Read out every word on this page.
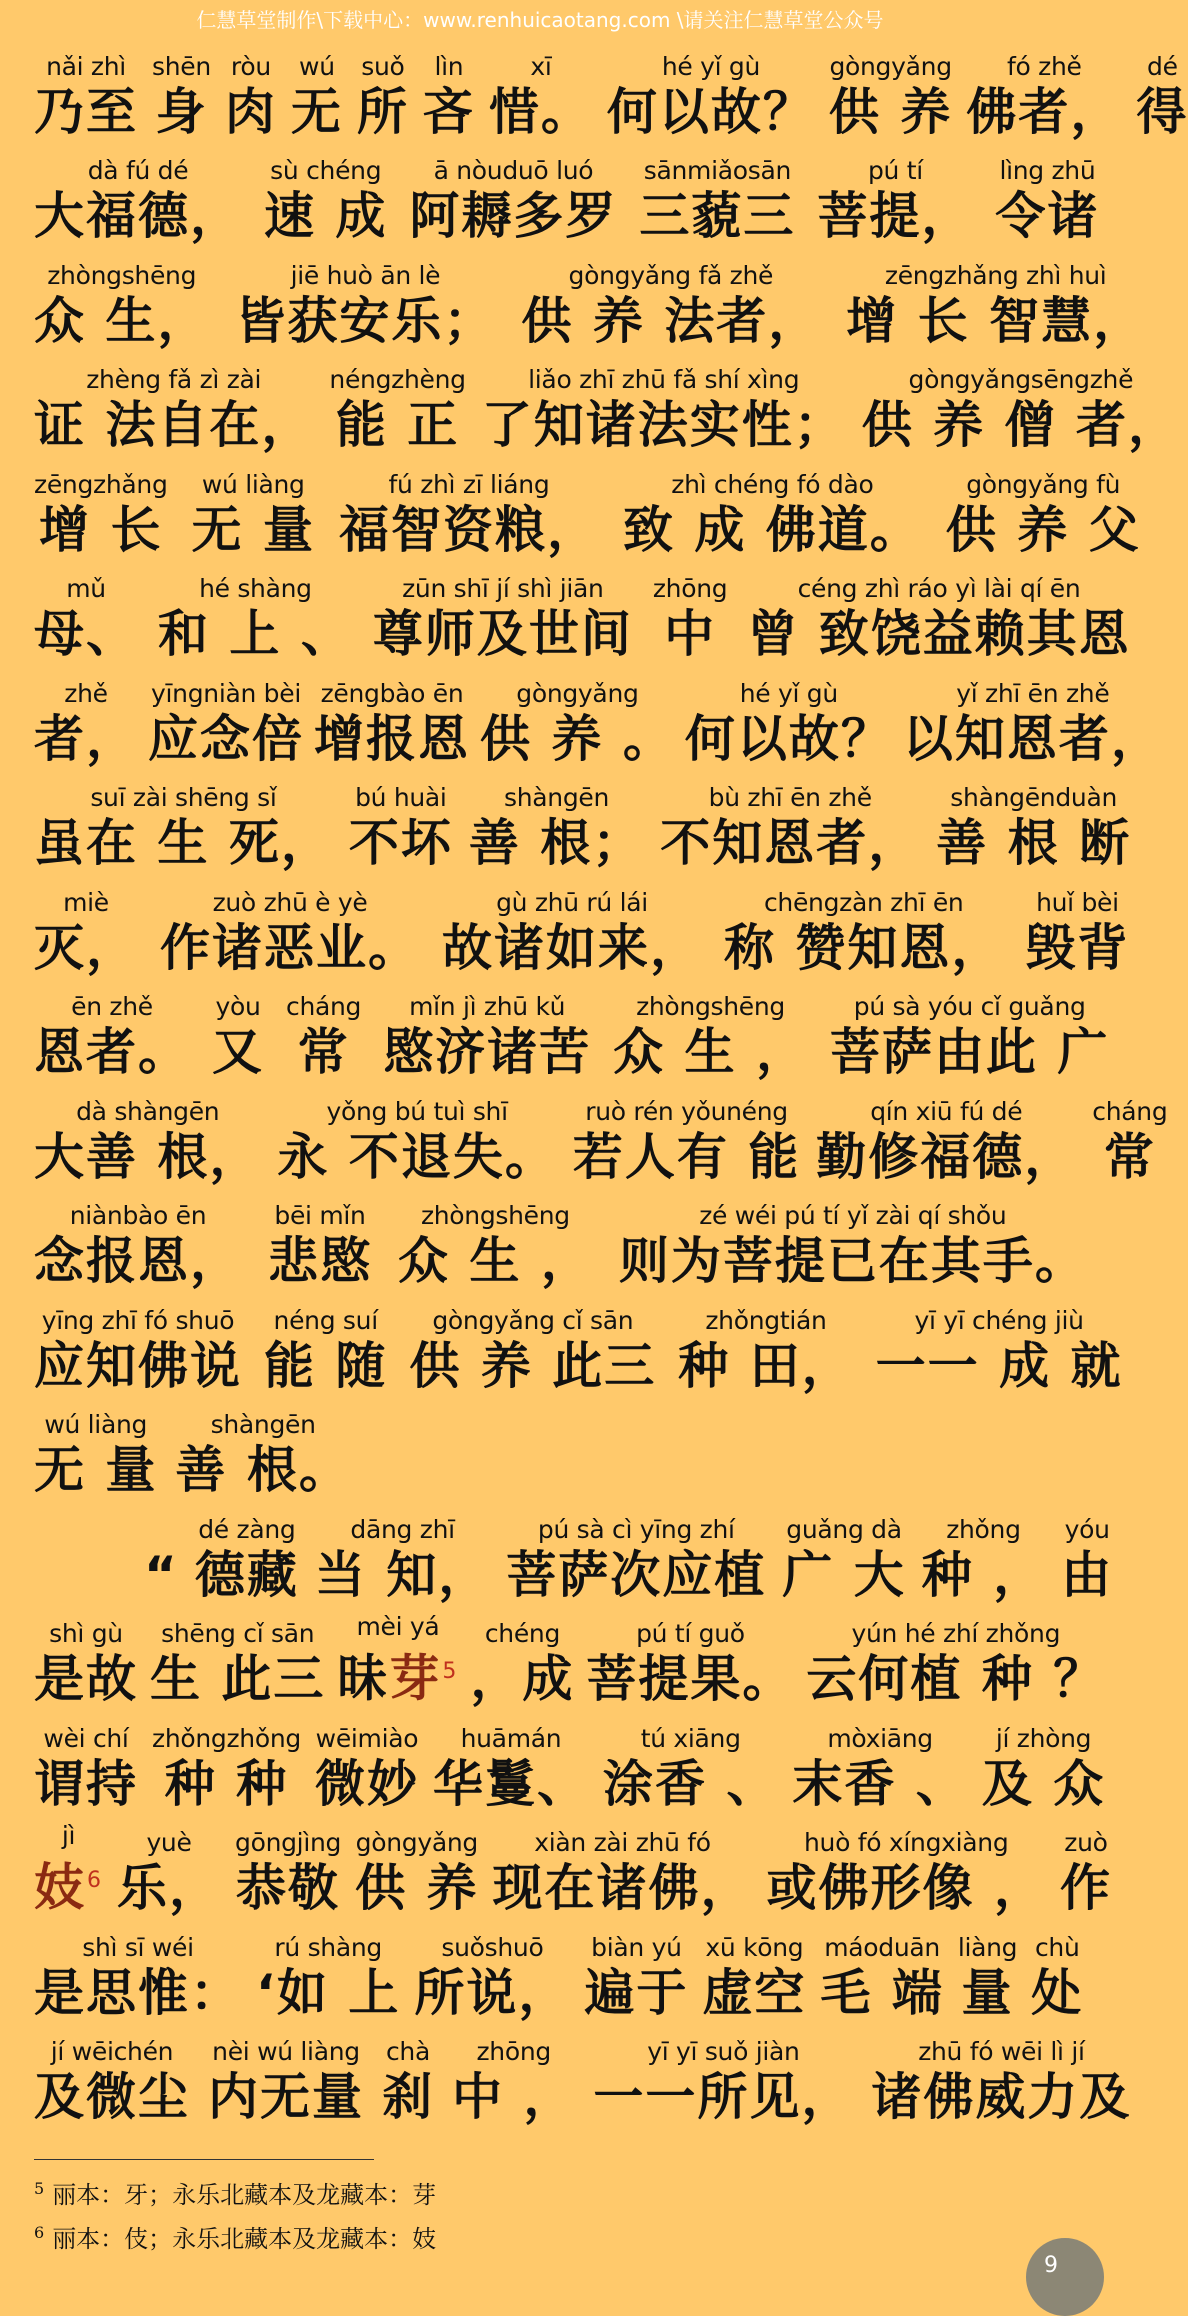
仁慧草堂制作\下载中心：www.renhuicaotang.com \请关注仁慧草堂公众号
nǎi zhì
乃至
shēn
身
ròu
肉
wú
无
suǒ
所
lìn
吝
xī
惜。
hé yǐ gù
何以故？
gòngyǎng
供 养
fó zhě
佛者，
dé
得
dà fú dé
大福德，
sù chéng
速 成
ā nòuduō luó
阿耨多罗
sānmiǎosān
三藐三
pú tí
菩提，
lìng zhū
令诸
zhòngshēng
众 生，
jiē huò ān lè
皆获安乐；
gòngyǎng fǎ zhě
供 养 法者，
zēngzhǎng zhì huì
增 长 智慧，
zhèng fǎ zì zài
证 法自在，
néngzhèng
能 正
liǎo zhī zhū fǎ shí xìng
了知诸法实性；
gòngyǎngsēngzhě
供 养 僧 者，
zēngzhǎng
增 长
wú liàng
无 量
fú zhì zī liáng
福智资粮，
zhì chéng fó dào
致 成 佛道。
gòngyǎng fù
供 养 父
mǔ
母、
hé shàng
和 上 、
zūn shī jí shì jiān
尊师及世间
zhōng
中
céng zhì ráo yì lài qí ēn
曾 致饶益赖其恩
zhě
者，
yīngniàn bèi
应念倍
zēngbào ēn
增报恩
gòngyǎng
供 养 。
hé yǐ gù
何以故？
yǐ zhī ēn zhě
以知恩者，
suī zài shēng sǐ
虽在 生 死，
bú huài
不坏
shàngēn
善 根；
bù zhī ēn zhě
不知恩者，
shàngēnduàn
善 根 断
miè
灭，
zuò zhū è yè
作诸恶业。
gù zhū rú lái
故诸如来，
chēngzàn zhī ēn
称 赞知恩，
huǐ bèi
毁背
ēn zhě
恩者。
yòu
又
cháng
常
mǐn jì zhū kǔ
愍济诸苦
zhòngshēng
众 生 ，
pú sà yóu cǐ guǎng
菩萨由此 广
dà shàngēn
大善 根，
yǒng bú tuì shī
永 不退失。
ruò rén yǒunéng
若人有 能
qín xiū fú dé
勤修福德，
cháng
常
niànbào ēn
念报恩，
bēi mǐn
悲愍
zhòngshēng
众 生 ，
zé wéi pú tí yǐ zài qí shǒu
则为菩提已在其手。
yīng zhī fó shuō
应知佛说
néng suí
能 随
gòngyǎng cǐ sān
供 养 此三
zhǒngtián
种 田，
yī yī chéng jiù
一一 成 就
wú liàng
无 量
shàngēn
善 根。
“
dé zàng
德藏
dāng zhī
当 知，
pú sà cì yīng zhí
菩萨次应植
guǎng dà
广 大
zhǒng
种 ，
yóu
由
shì gù
是故
shēng cǐ sān
生 此三
mèi yá
昧芽$^5$
chéng
，成
pú tí guǒ
菩提果。
yún hé zhí zhǒng
云何植 种 ？
wèi chí
谓持
zhǒngzhǒng
种 种
wēimiào
微妙
huāmán
华鬘、
tú xiāng
涂香 、
mòxiāng
末香 、
jí zhòng
及 众
jì
妓$^6$
yuè
乐，
gōngjìng
恭敬
gòngyǎng
供 养
xiàn zài zhū fó
现在诸佛，
huò fó xíngxiàng
或佛形像 ，
zuò
作
shì sī wéi
是思惟：
rú shàng
‘如 上
suǒshuō
所说，
biàn yú
遍于
xū kōng
虚空
máoduān
毛 端
liàng
量
chù
处
jí wēichén
及微尘
nèi wú liàng
内无量
chà
刹
zhōng
中 ，
yī yī suǒ jiàn
一一所见，
zhū fó wēi lì jí
诸佛威力及
$^5$ 丽本：牙；永乐北藏本及龙藏本：芽
$^6$ 丽本：伎；永乐北藏本及龙藏本：妓
9
